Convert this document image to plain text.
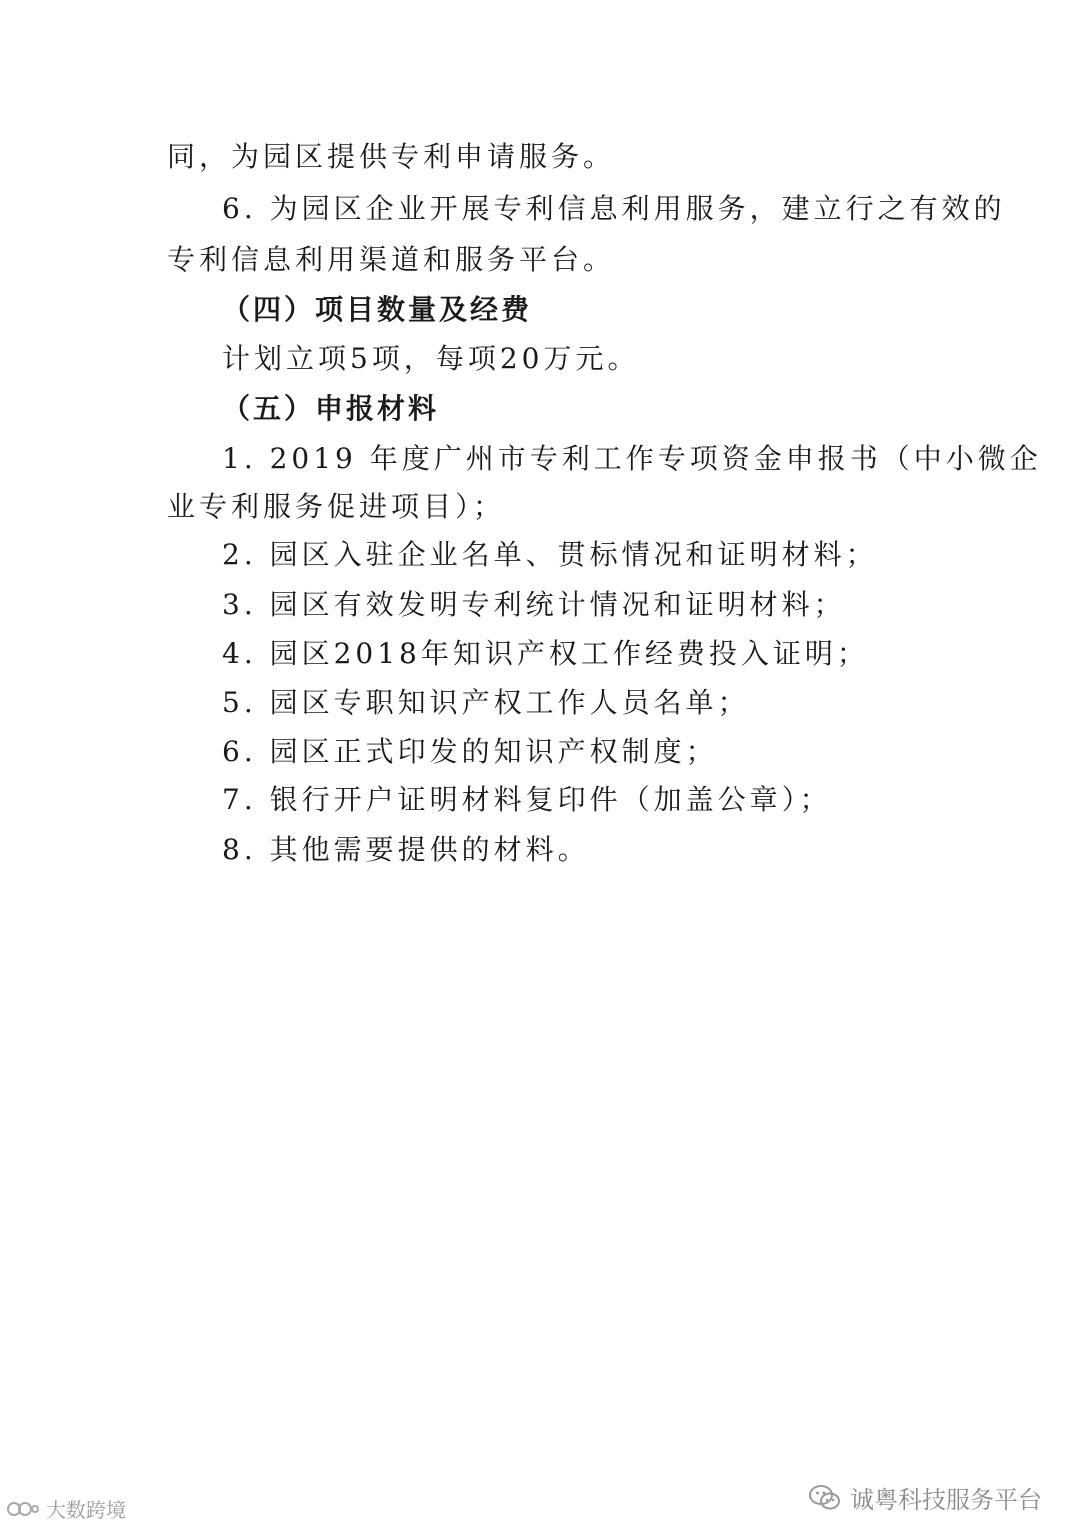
同，为园区提供专利申请服务。
6. 为园区企业开展专利信息利用服务，建立行之有效的
专利信息利用渠道和服务平台。
（四）项目数量及经费
计划立项5项，每项20万元。
（五）申报材料
1. 2019 年度广州市专利工作专项资金申报书（中小微企
业专利服务促进项目）；
2. 园区入驻企业名单、贯标情况和证明材料；
3. 园区有效发明专利统计情况和证明材料；
4. 园区2018年知识产权工作经费投入证明；
5. 园区专职知识产权工作人员名单；
6. 园区正式印发的知识产权制度；
7. 银行开户证明材料复印件（加盖公章）；
8. 其他需要提供的材料。
诚粤科技服务平台
大数跨境
